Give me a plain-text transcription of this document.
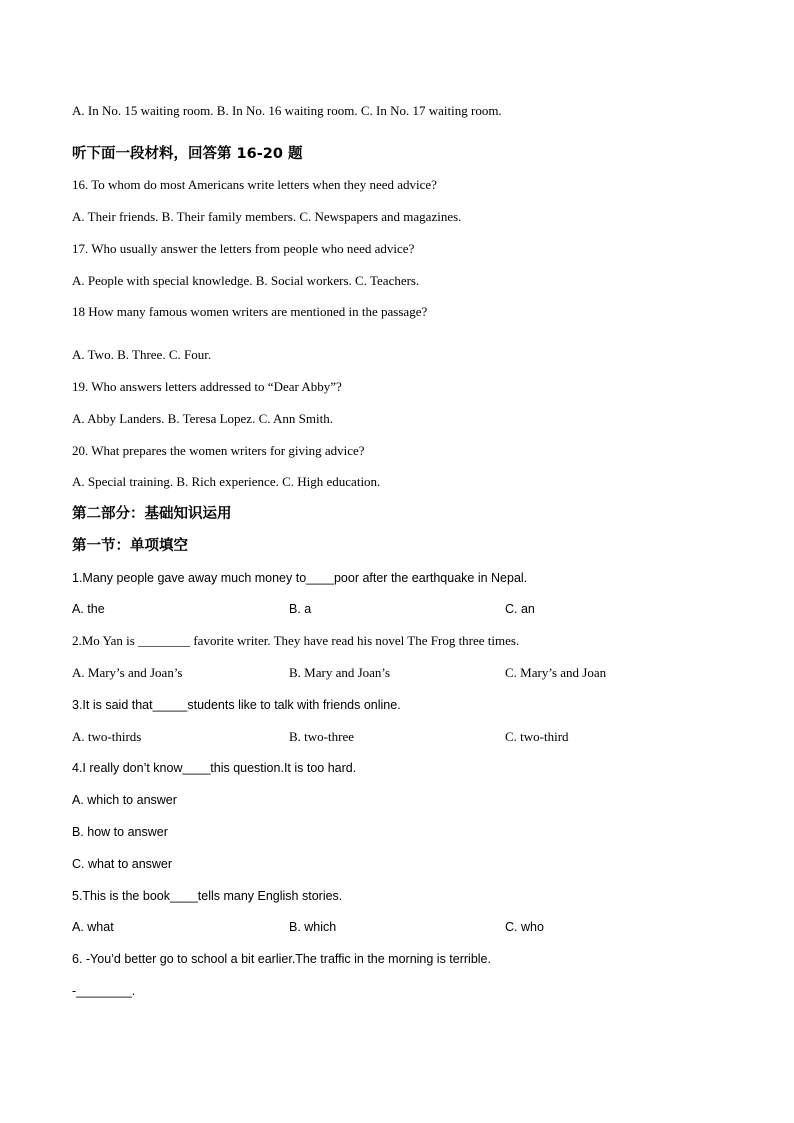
A. In No. 15 waiting room. B. In No. 16 waiting room. C. In No. 17 waiting room.
听下面一段材料，回答第 16-20 题
16. To whom do most Americans write letters when they need advice?
A. Their friends. B. Their family members. C. Newspapers and magazines.
17. Who usually answer the letters from people who need advice?
A. People with special knowledge. B. Social workers. C. Teachers.
18 How many famous women writers are mentioned in the passage?
A. Two. B. Three. C. Four.
19. Who answers letters addressed to “Dear Abby”?
A. Abby Landers. B. Teresa Lopez. C. Ann Smith.
20. What prepares the women writers for giving advice?
A. Special training. B. Rich experience. C. High education.
第二部分：基础知识运用
第一节：单项填空
1.Many people gave away much money to____poor after the earthquake in Nepal.
A. the	B. a	C. an
2.Mo Yan is ________ favorite writer. They have read his novel The Frog three times.
A. Mary’s and Joan’s	B. Mary and Joan’s	C. Mary’s and Joan
3.It is said that_____students like to talk with friends online.
A. two-thirds	B. two-three	C. two-third
4.I really don’t know____this question.It is too hard.
A. which to answer
B. how to answer
C. what to answer
5.This is the book____tells many English stories.
A. what	B. which	C. who
6. -You’d better go to school a bit earlier.The traffic in the morning is terrible.
-________.
